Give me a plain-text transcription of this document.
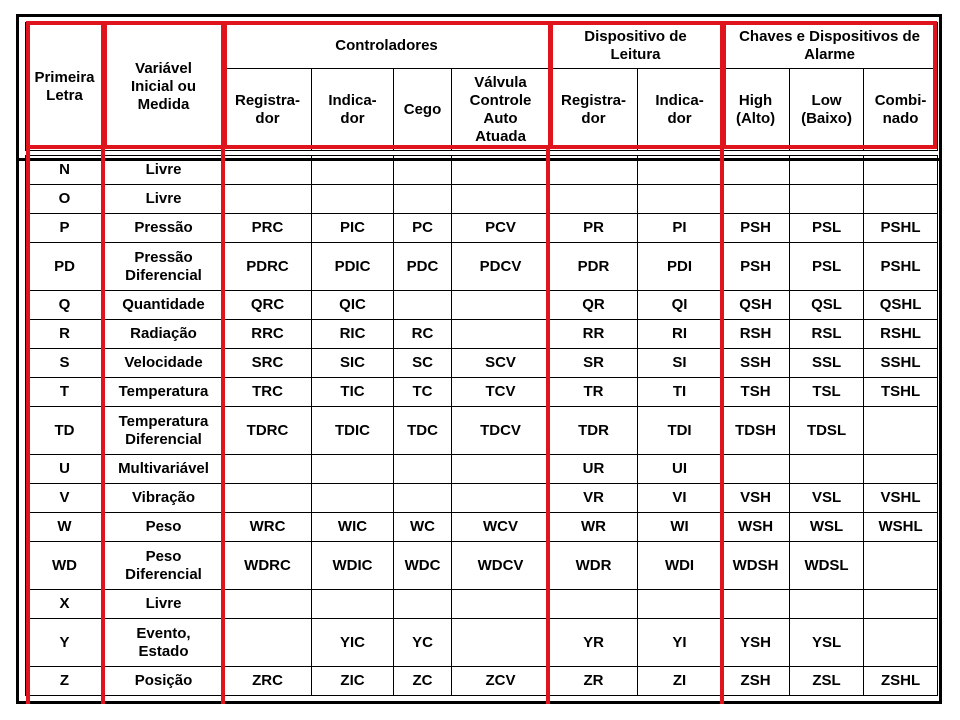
Primeira Letra	Variável Inicial ou Medida	Controladores				Dispositivo de Leitura		Chaves e Dispositivos de Alarme		
		Registra-dor	Indica-dor	Cego	Válvula Controle Auto Atuada	Registra-dor	Indica-dor	High (Alto)	Low (Baixo)	Combi-nado

N	Livre									
O	Livre									
P	Pressão	PRC	PIC	PC	PCV	PR	PI	PSH	PSL	PSHL
PD	Pressão Diferencial	PDRC	PDIC	PDC	PDCV	PDR	PDI	PSH	PSL	PSHL
Q	Quantidade	QRC	QIC			QR	QI	QSH	QSL	QSHL
R	Radiação	RRC	RIC	RC		RR	RI	RSH	RSL	RSHL
S	Velocidade	SRC	SIC	SC	SCV	SR	SI	SSH	SSL	SSHL
T	Temperatura	TRC	TIC	TC	TCV	TR	TI	TSH	TSL	TSHL
TD	Temperatura Diferencial	TDRC	TDIC	TDC	TDCV	TDR	TDI	TDSH	TDSL	
U	Multivariável					UR	UI			
V	Vibração					VR	VI	VSH	VSL	VSHL
W	Peso	WRC	WIC	WC	WCV	WR	WI	WSH	WSL	WSHL
WD	Peso Diferencial	WDRC	WDIC	WDC	WDCV	WDR	WDI	WDSH	WDSL	
X	Livre									
Y	Evento, Estado		YIC	YC		YR	YI	YSH	YSL	
Z	Posição	ZRC	ZIC	ZC	ZCV	ZR	ZI	ZSH	ZSL	ZSHL
